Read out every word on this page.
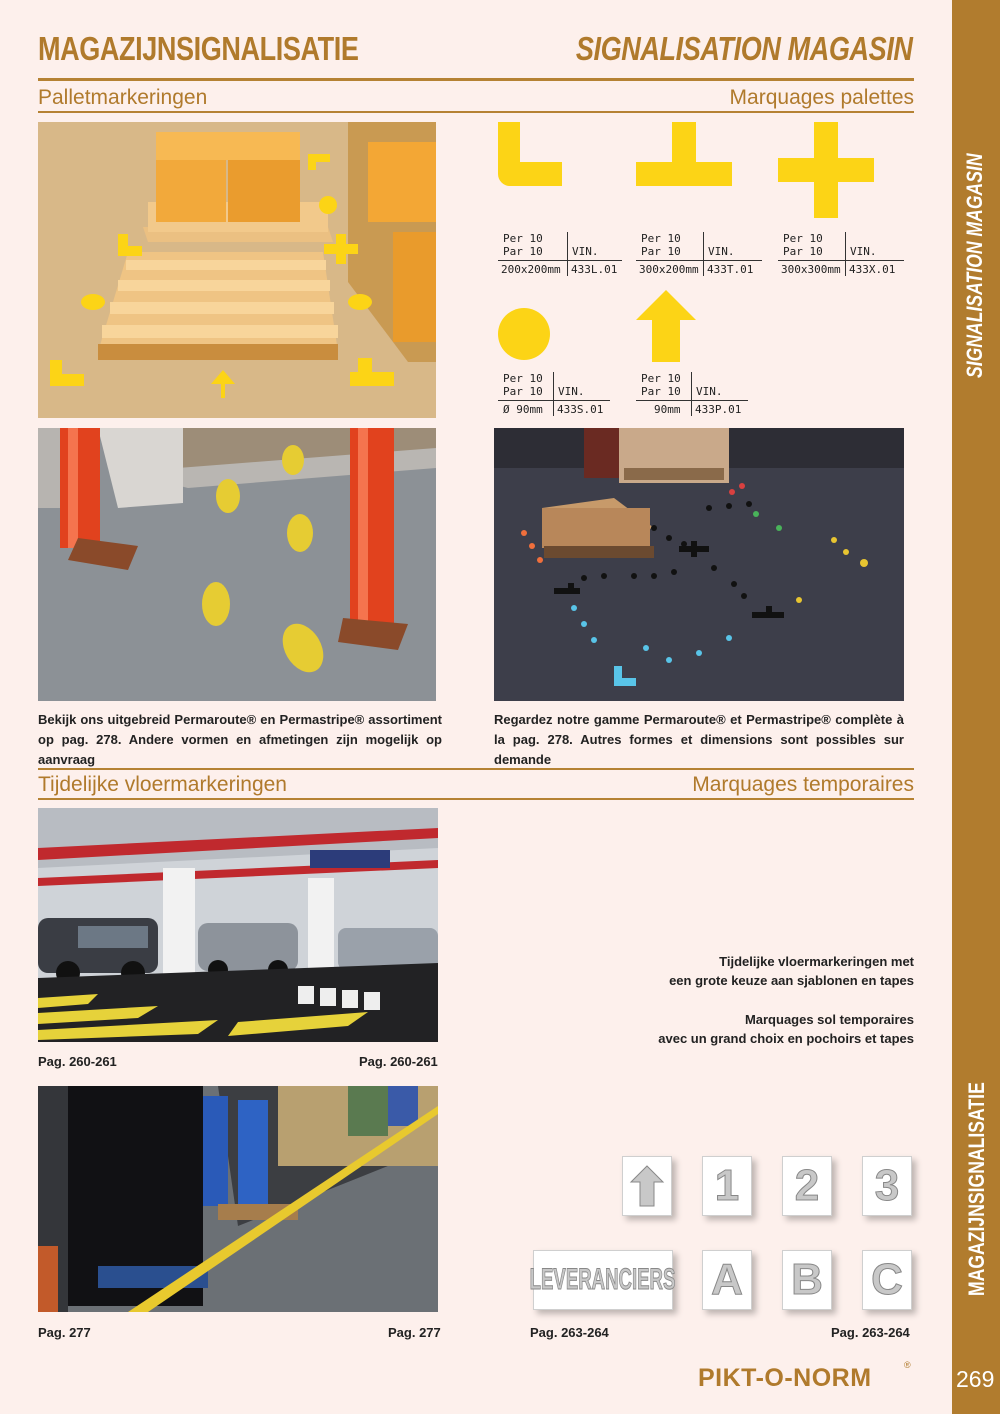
SIGNALISATION MAGASIN
MAGAZIJNSIGNALISATIE
MAGAZIJNSIGNALISATIE	SIGNALISATION MAGASIN
Palletmarkeringen	Marquages palettes
Per 10
Par 10	VIN.
200x200mm 433L.01
Per 10
Par 10 VIN.
300x200mm 433T.01
Per 10
Par 10 VIN.
300x300mm 433X.01
Per 10
Par 10 VIN.
Ø 90mm 433S.01
Per 10
Par 10 VIN.
90mm 433P.01
Bekijk ons uitgebreid Permaroute® en Permastripe® assortiment op pag. 278. Andere vormen en afmetingen zijn mogelijk op aanvraag
Regardez notre gamme Permaroute® et Permastripe® complète à la pag. 278. Autres formes et dimensions sont possibles sur demande
Tijdelijke vloermarkeringen	Marquages temporaires
Pag. 260-261	Pag. 260-261
Tijdelijke vloermarkeringen met
een grote keuze aan sjablonen en tapes
Marquages sol temporaires
avec un grand choix en pochoirs et tapes
Pag. 277	Pag. 277
1 2 3
LEVERANCIERS A B C
Pag. 263-264	Pag. 263-264
PIKT-O-NORM	®
269
